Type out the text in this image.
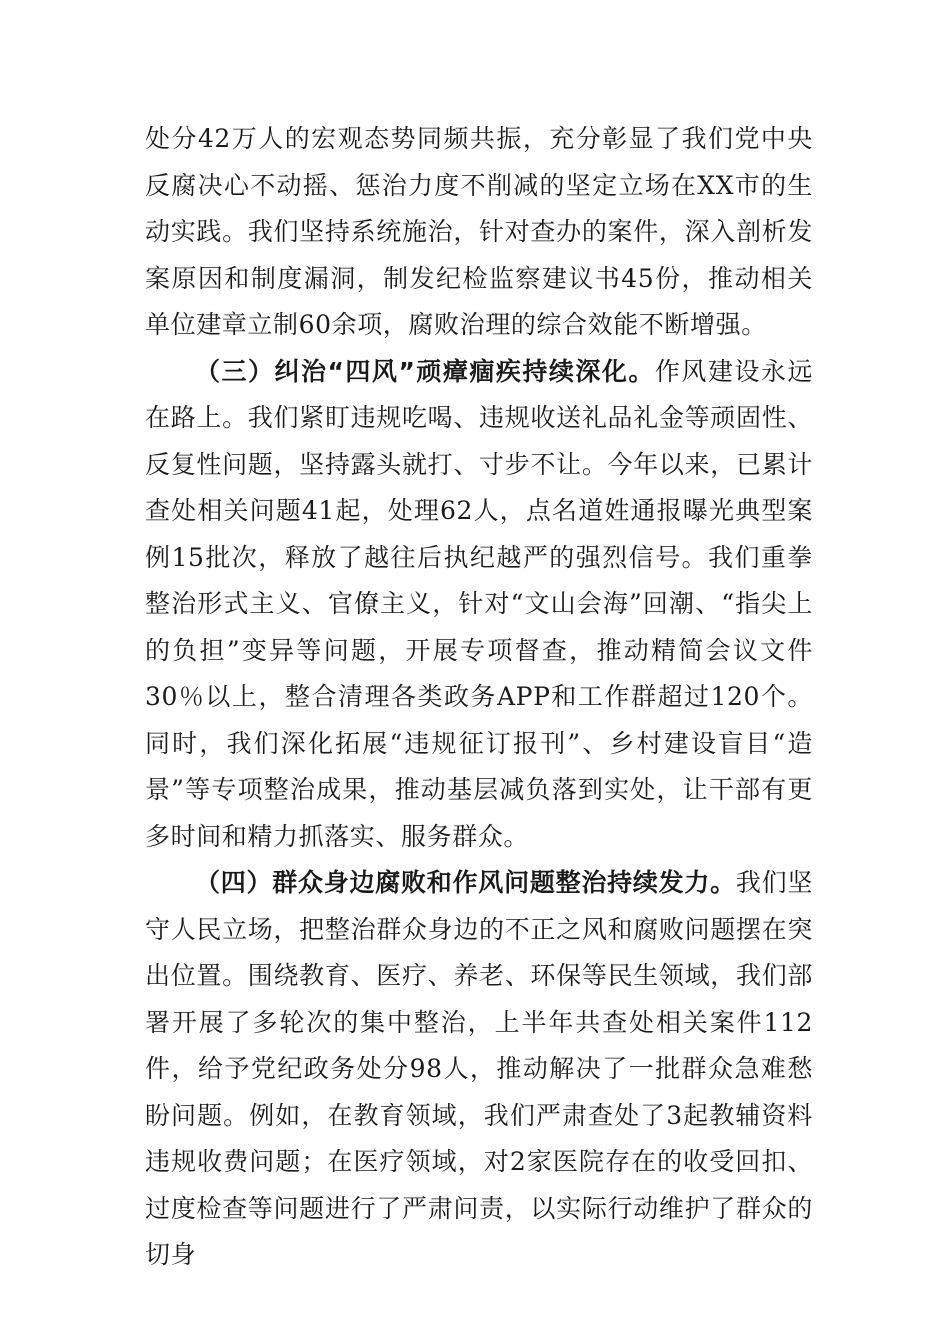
处分42万人的宏观态势同频共振，充分彰显了我们党中央反腐决心不动摇、惩治力度不削减的坚定立场在XX市的生动实践。我们坚持系统施治，针对查办的案件，深入剖析发案原因和制度漏洞，制发纪检监察建议书45份，推动相关单位建章立制60余项，腐败治理的综合效能不断增强。

（三）纠治“四风”顽瘴痼疾持续深化。作风建设永远在路上。我们紧盯违规吃喝、违规收送礼品礼金等顽固性、反复性问题，坚持露头就打、寸步不让。今年以来，已累计查处相关问题41起，处理62人，点名道姓通报曝光典型案例15批次，释放了越往后执纪越严的强烈信号。我们重拳整治形式主义、官僚主义，针对“文山会海”回潮、“指尖上的负担”变异等问题，开展专项督查，推动精简会议文件30％以上，整合清理各类政务APP和工作群超过120个。同时，我们深化拓展“违规征订报刊”、乡村建设盲目“造景”等专项整治成果，推动基层减负落到实处，让干部有更多时间和精力抓落实、服务群众。

（四）群众身边腐败和作风问题整治持续发力。我们坚守人民立场，把整治群众身边的不正之风和腐败问题摆在突出位置。围绕教育、医疗、养老、环保等民生领域，我们部署开展了多轮次的集中整治，上半年共查处相关案件112件，给予党纪政务处分98人，推动解决了一批群众急难愁盼问题。例如，在教育领域，我们严肃查处了3起教辅资料违规收费问题；在医疗领域，对2家医院存在的收受回扣、过度检查等问题进行了严肃问责，以实际行动维护了群众的切身
